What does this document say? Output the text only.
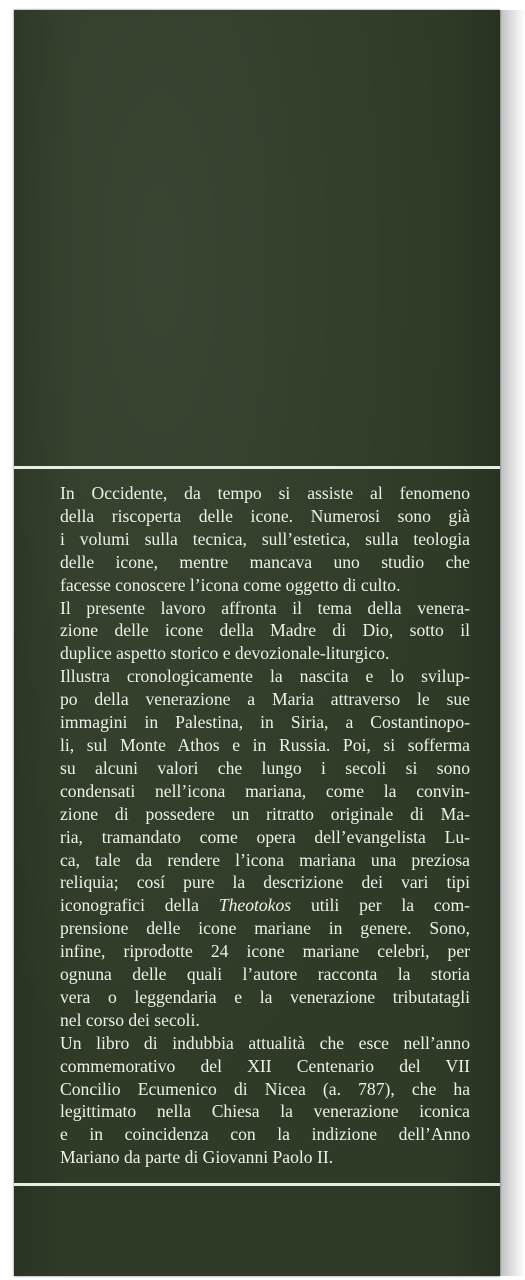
In Occidente, da tempo si assiste al fenomeno
della riscoperta delle icone. Numerosi sono già
i volumi sulla tecnica, sull’estetica, sulla teologia
delle icone, mentre mancava uno studio che
facesse conoscere l’icona come oggetto di culto.
Il presente lavoro affronta il tema della venera-
zione delle icone della Madre di Dio, sotto il
duplice aspetto storico e devozionale-liturgico.
Illustra cronologicamente la nascita e lo svilup-
po della venerazione a Maria attraverso le sue
immagini in Palestina, in Siria, a Costantinopo-
li, sul Monte Athos e in Russia. Poi, si sofferma
su alcuni valori che lungo i secoli si sono
condensati nell’icona mariana, come la convin-
zione di possedere un ritratto originale di Ma-
ria, tramandato come opera dell’evangelista Lu-
ca, tale da rendere l’icona mariana una preziosa
reliquia; cosí pure la descrizione dei vari tipi
iconografici della Theotokos utili per la com-
prensione delle icone mariane in genere. Sono,
infine, riprodotte 24 icone mariane celebri, per
ognuna delle quali l’autore racconta la storia
vera o leggendaria e la venerazione tributatagli
nel corso dei secoli.

Un libro di indubbia attualità che esce nell’anno
commemorativo del XII Centenario del VII
Concilio Ecumenico di Nicea (a. 787), che ha
legittimato nella Chiesa la venerazione iconica
e in coincidenza con la indizione dell’Anno
Mariano da parte di Giovanni Paolo II.
